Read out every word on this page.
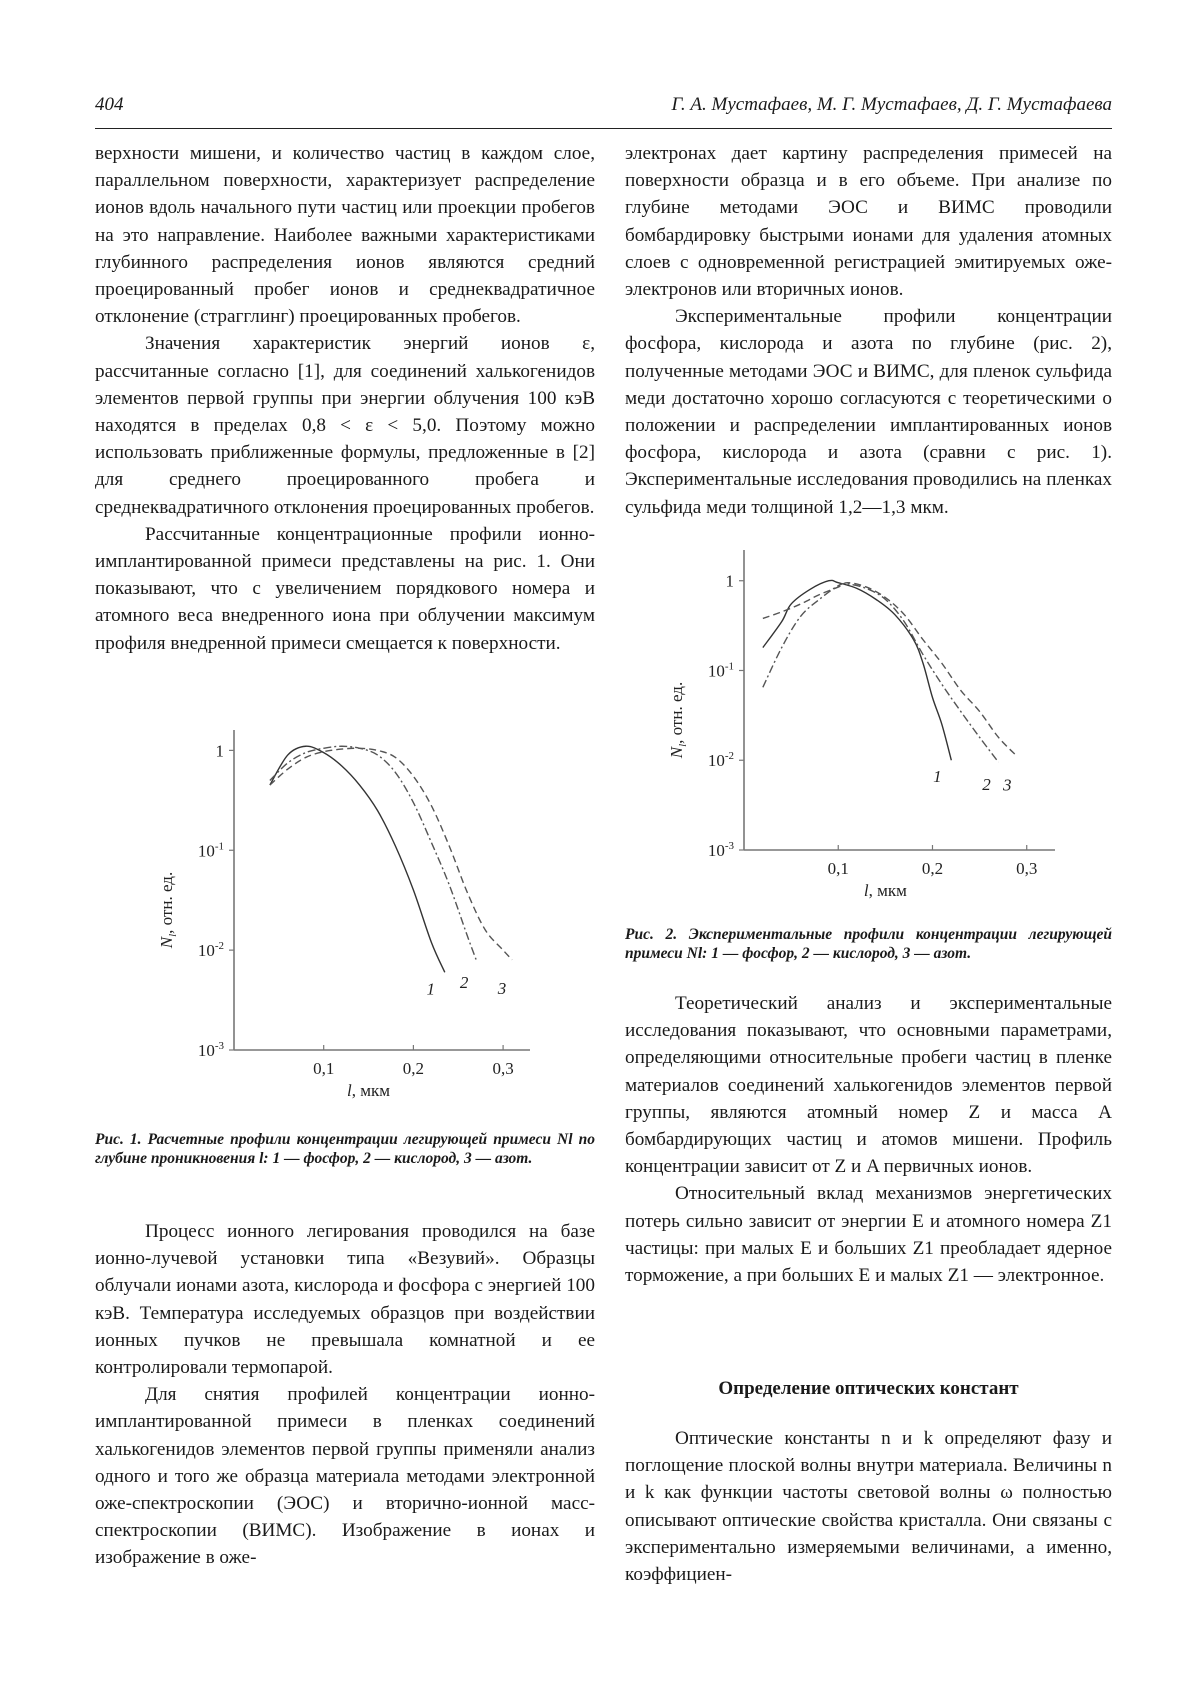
404	Г. А. Мустафаев, М. Г. Мустафаев, Д. Г. Мустафаева

верхности мишени, и количество частиц в каждом слое, параллельном поверхности, характеризует распределение ионов вдоль начального пути частиц или проекции пробегов на это направление. Наиболее важными характеристиками глубинного распределения ионов являются средний проецированный пробег ионов и среднеквадратичное отклонение (страгглинг) проецированных пробегов.

Значения характеристик энергий ионов ε, рассчитанные согласно [1], для соединений халькогенидов элементов первой группы при энергии облучения 100 кэВ находятся в пределах 0,8 < ε < 5,0. Поэтому можно использовать приближенные формулы, предложенные в [2] для среднего проецированного пробега и среднеквадратичного отклонения проецированных пробегов.

Рассчитанные концентрационные профили ионно-имплантированной примеси представлены на рис. 1. Они показывают, что с увеличением порядкового номера и атомного веса внедренного иона при облучении максимум профиля внедренной примеси смещается к поверхности.

1
$10^{-1}$
$10^{-2}$
$10^{-3}$
0,1	0,2	0,3
l, мкм
$N_l$, отн. ед.
1 2 3
Рис. 1. Расчетные профили концентрации легирующей примеси Nl по глубине проникновения l: 1 — фосфор, 2 — кислород, 3 — азот.

Процесс ионного легирования проводился на базе ионно-лучевой установки типа «Везувий». Образцы облучали ионами азота, кислорода и фосфора с энергией 100 кэВ. Температура исследуемых образцов при воздействии ионных пучков не превышала комнатной и ее контролировали термопарой.

Для снятия профилей концентрации ионно-имплантированной примеси в пленках соединений халькогенидов элементов первой группы применяли анализ одного и того же образца материала методами электронной оже-спектроскопии (ЭОС) и вторично-ионной масс-спектроскопии (ВИМС). Изображение в ионах и изображение в оже-

электронах дает картину распределения примесей на поверхности образца и в его объеме. При анализе по глубине методами ЭОС и ВИМС проводили бомбардировку быстрыми ионами для удаления атомных слоев с одновременной регистрацией эмитируемых оже-электронов или вторичных ионов.

Экспериментальные профили концентрации фосфора, кислорода и азота по глубине (рис. 2), полученные методами ЭОС и ВИМС, для пленок сульфида меди достаточно хорошо согласуются с теоретическими о положении и распределении имплантированных ионов фосфора, кислорода и азота (сравни с рис. 1). Экспериментальные исследования проводились на пленках сульфида меди толщиной 1,2—1,3 мкм.

1
$10^{-1}$
$10^{-2}$
$10^{-3}$
0,1	0,2	0,3
l, мкм
$N_l$, отн. ед.
1 2 3
Рис. 2. Экспериментальные профили концентрации легирующей примеси Nl: 1 — фосфор, 2 — кислород, 3 — азот.

Теоретический анализ и экспериментальные исследования показывают, что основными параметрами, определяющими относительные пробеги частиц в пленке материалов соединений халькогенидов элементов первой группы, являются атомный номер Z и масса A бомбардирующих частиц и атомов мишени. Профиль концентрации зависит от Z и A первичных ионов.

Относительный вклад механизмов энергетических потерь сильно зависит от энергии E и атомного номера Z1 частицы: при малых E и больших Z1 преобладает ядерное торможение, а при больших E и малых Z1 — электронное.

Определение оптических констант

Оптические константы n и k определяют фазу и поглощение плоской волны внутри материала. Величины n и k как функции частоты световой волны ω полностью описывают оптические свойства кристалла. Они связаны с экспериментально измеряемыми величинами, а именно, коэффициен-
